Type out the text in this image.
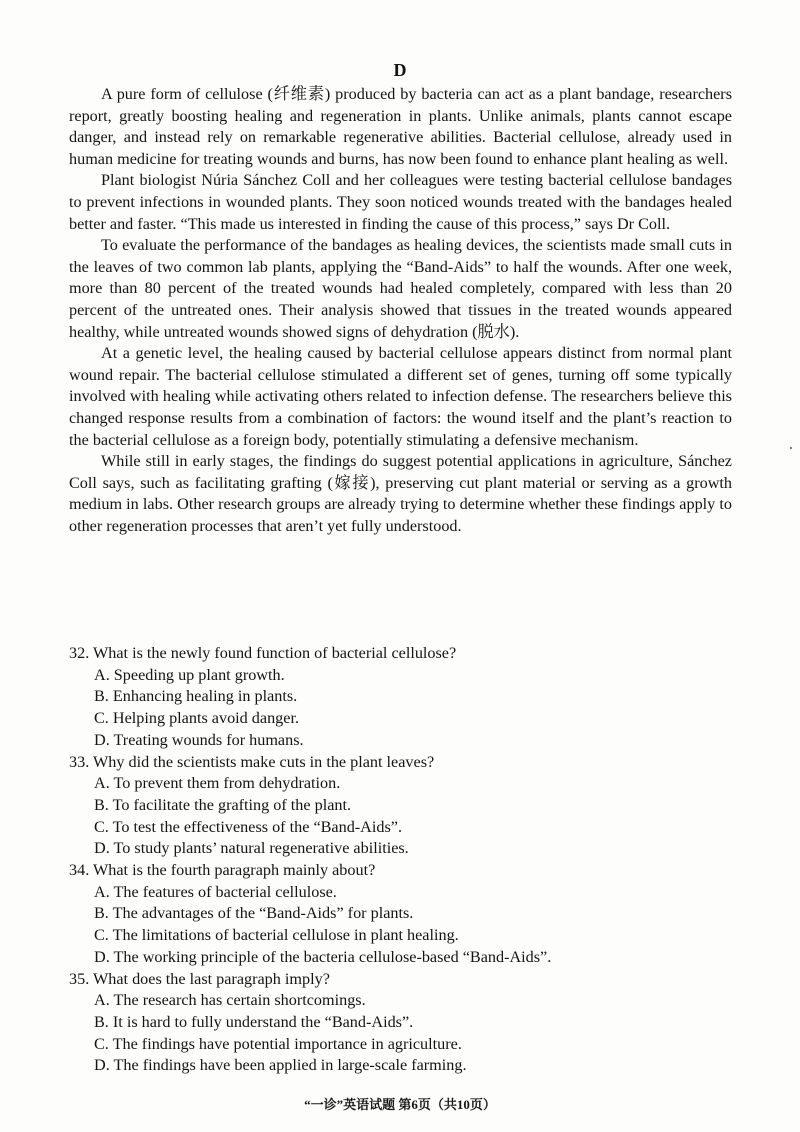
D

A pure form of cellulose (纤维素) produced by bacteria can act as a plant bandage, researchers report, greatly boosting healing and regeneration in plants. Unlike animals, plants cannot escape danger, and instead rely on remarkable regenerative abilities. Bacterial cellulose, already used in human medicine for treating wounds and burns, has now been found to enhance plant healing as well.

Plant biologist Núria Sánchez Coll and her colleagues were testing bacterial cellulose bandages to prevent infections in wounded plants. They soon noticed wounds treated with the bandages healed better and faster. “This made us interested in finding the cause of this process,” says Dr Coll.

To evaluate the performance of the bandages as healing devices, the scientists made small cuts in the leaves of two common lab plants, applying the “Band-Aids” to half the wounds. After one week, more than 80 percent of the treated wounds had healed completely, compared with less than 20 percent of the untreated ones. Their analysis showed that tissues in the treated wounds appeared healthy, while untreated wounds showed signs of dehydration (脱水).

At a genetic level, the healing caused by bacterial cellulose appears distinct from normal plant wound repair. The bacterial cellulose stimulated a different set of genes, turning off some typically involved with healing while activating others related to infection defense. The researchers believe this changed response results from a combination of factors: the wound itself and the plant’s reaction to the bacterial cellulose as a foreign body, potentially stimulating a defensive mechanism.

While still in early stages, the findings do suggest potential applications in agriculture, Sánchez Coll says, such as facilitating grafting (嫁接), preserving cut plant material or serving as a growth medium in labs. Other research groups are already trying to determine whether these findings apply to other regeneration processes that aren’t yet fully understood.

32. What is the newly found function of bacterial cellulose?

A. Speeding up plant growth.
B. Enhancing healing in plants.
C. Helping plants avoid danger.
D. Treating wounds for humans.

33. Why did the scientists make cuts in the plant leaves?

A. To prevent them from dehydration.
B. To facilitate the grafting of the plant.
C. To test the effectiveness of the “Band-Aids”.
D. To study plants’ natural regenerative abilities.

34. What is the fourth paragraph mainly about?

A. The features of bacterial cellulose.
B. The advantages of the “Band-Aids” for plants.
C. The limitations of bacterial cellulose in plant healing.
D. The working principle of the bacteria cellulose-based “Band-Aids”.

35. What does the last paragraph imply?

A. The research has certain shortcomings.
B. It is hard to fully understand the “Band-Aids”.
C. The findings have potential importance in agriculture.
D. The findings have been applied in large-scale farming.
“一诊”英语试题 第6页（共10页）
